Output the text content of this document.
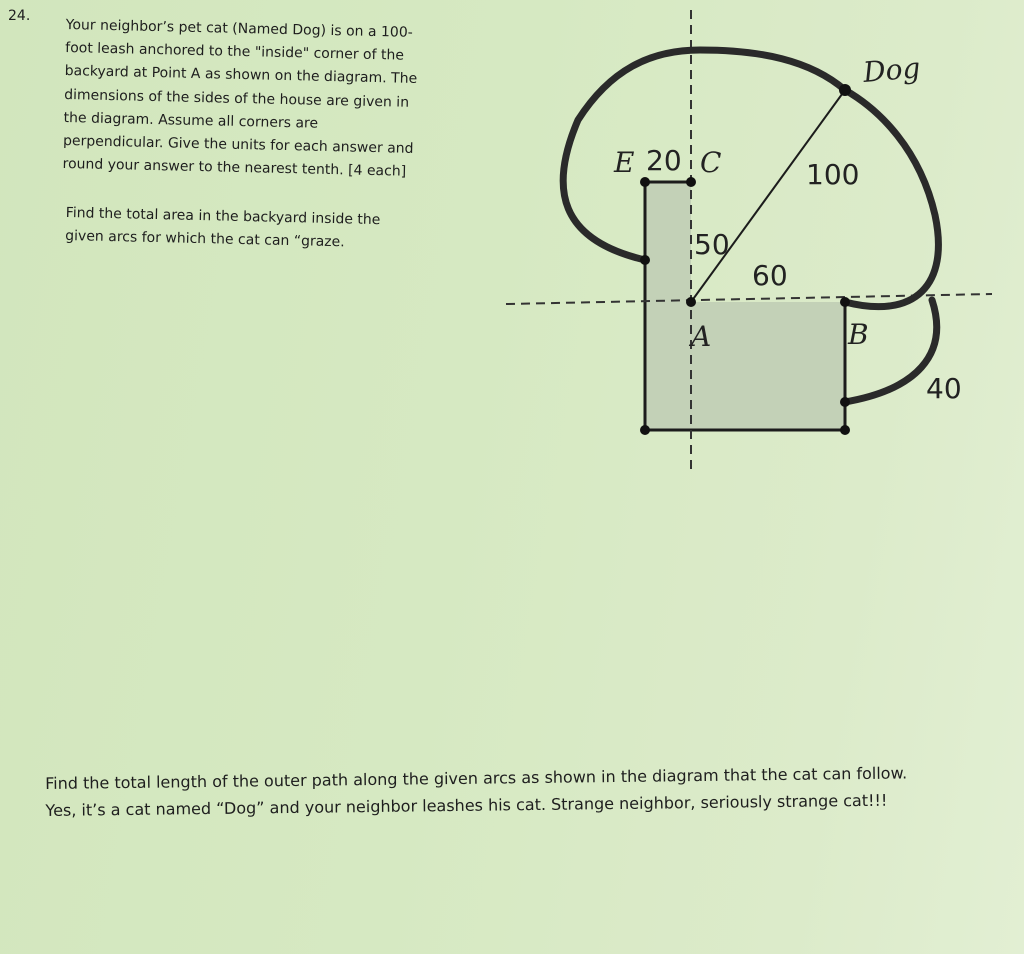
24.

Your neighbor’s pet cat (Named Dog) is on a 100-
foot leash anchored to the "inside" corner of the
backyard at Point A as shown on the diagram. The
dimensions of the sides of the house are given in
the diagram. Assume all corners are
perpendicular. Give the units for each answer and
round your answer to the nearest tenth. [4 each]

Find the total area in the backyard inside the
given arcs for which the cat can “graze.

Find the total length of the outer path along the given arcs as shown in the diagram that the cat can follow.
Yes, it’s a cat named “Dog” and your neighbor leashes his cat. Strange neighbor, seriously strange cat!!!

Dog
E 20 C	100
50
60
A	B
40
